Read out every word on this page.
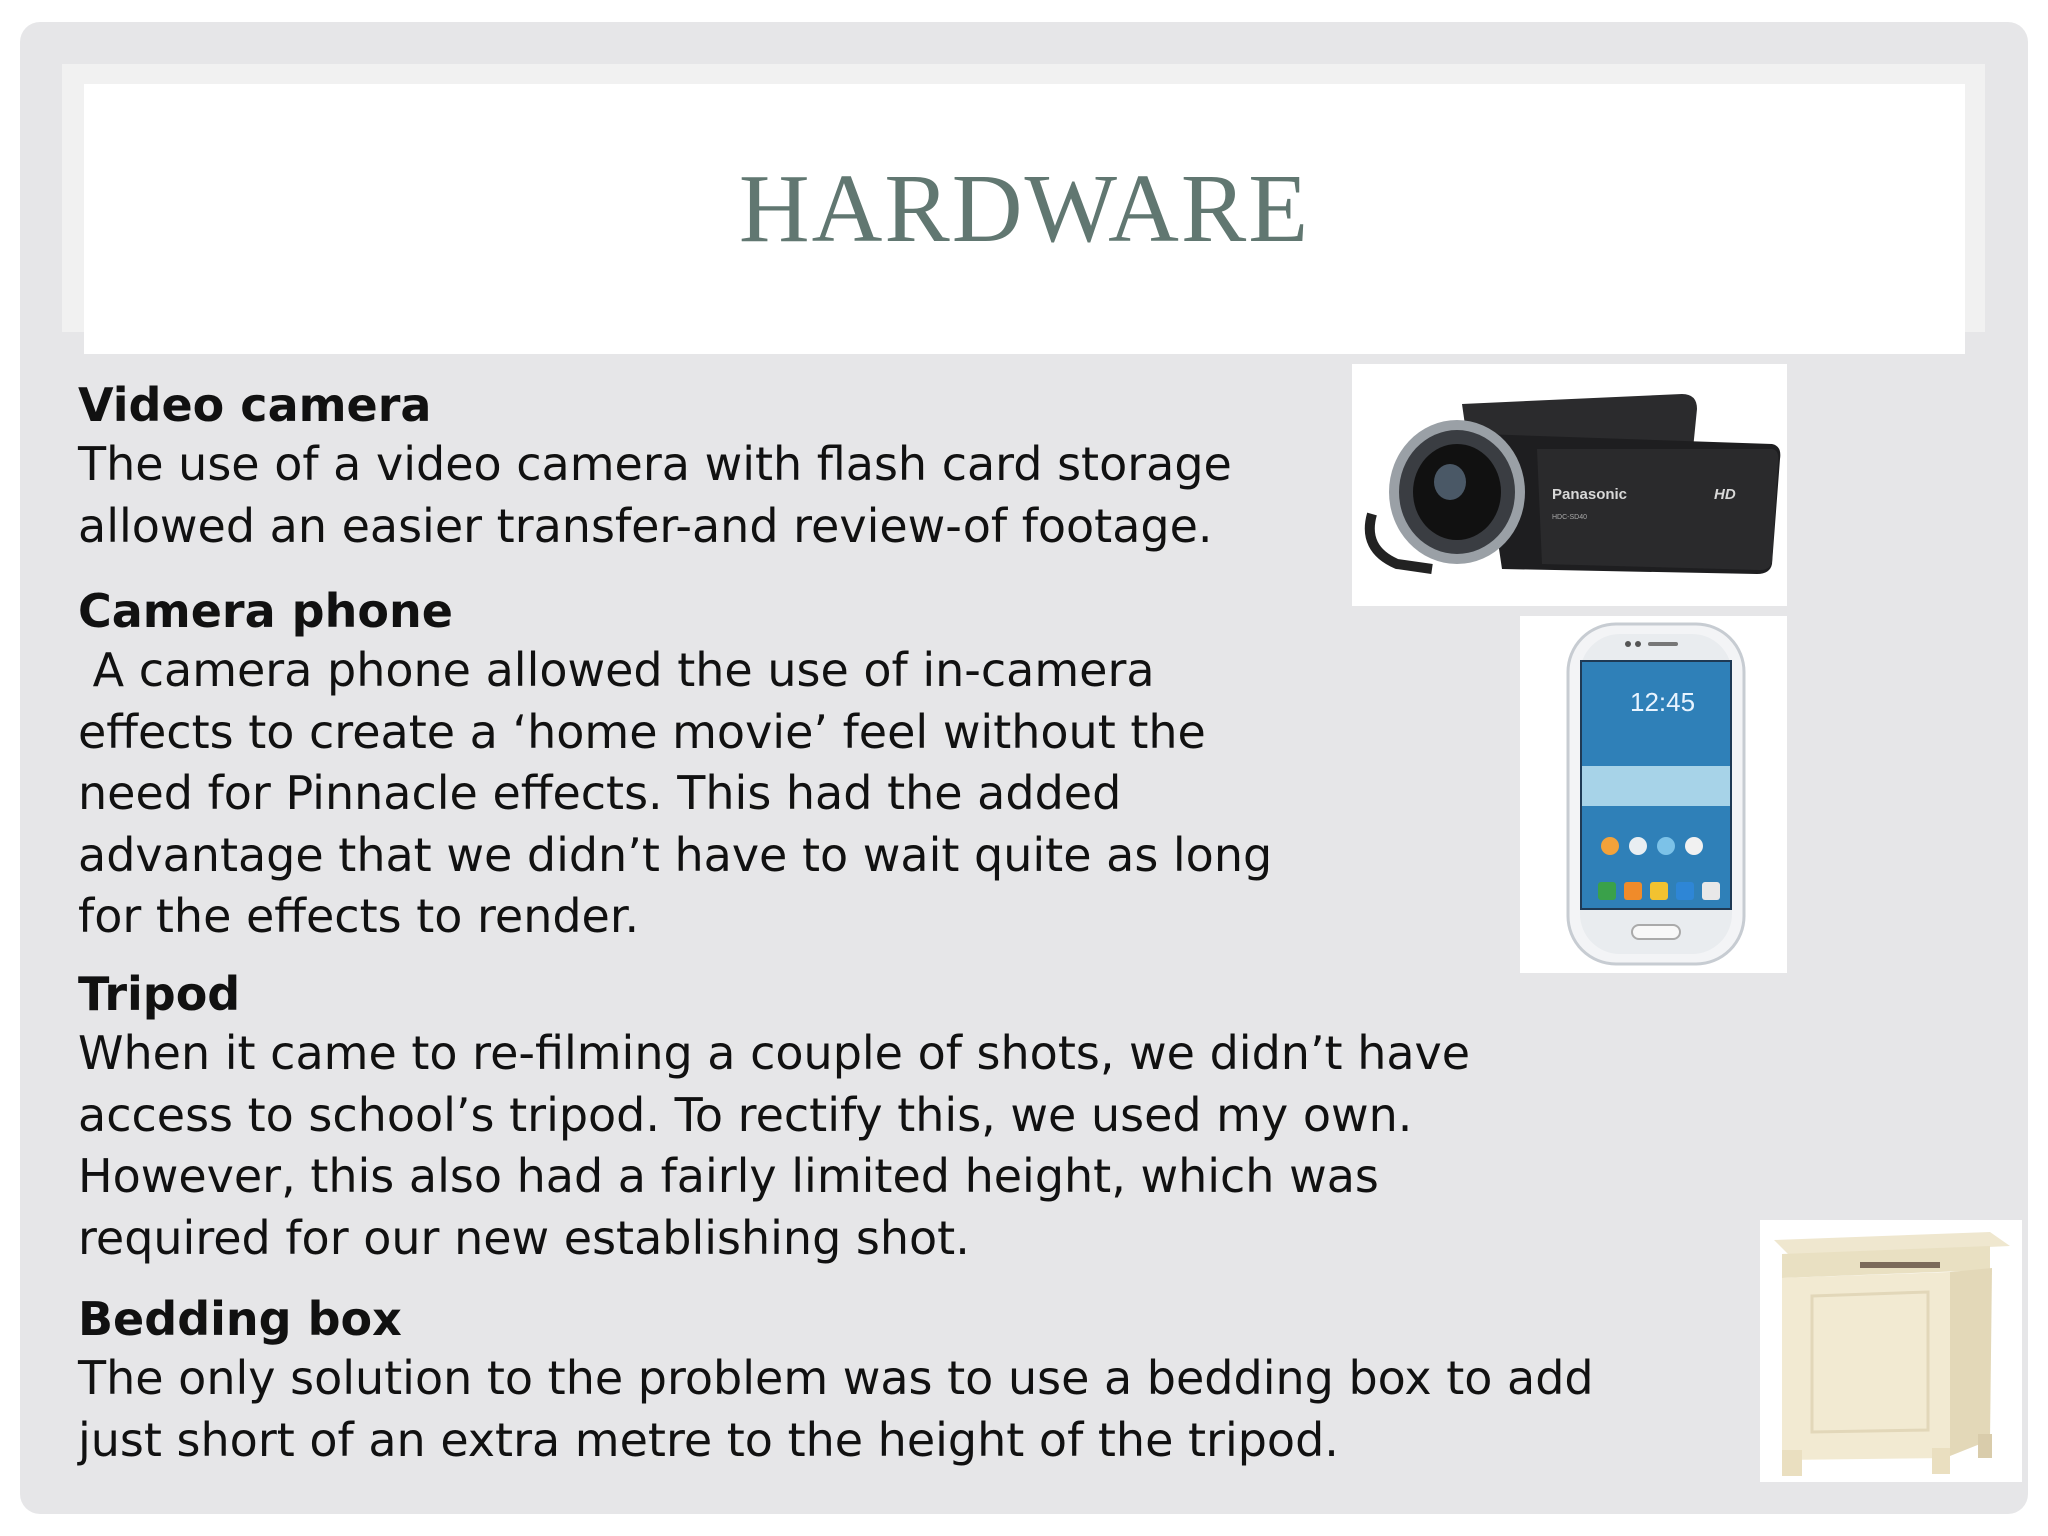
HARDWARE
Video camera
The use of a video camera with flash card storage
allowed an easier transfer-and review-of footage.
Camera phone
A camera phone allowed the use of in-camera
effects to create a ‘home movie’ feel without the
need for Pinnacle effects. This had the added
advantage that we didn’t have to wait quite as long
for the effects to render.
Tripod
When it came to re-filming a couple of shots, we didn’t have
access to school’s tripod. To rectify this, we used my own.
However, this also had a fairly limited height, which was
required for our new establishing shot.
Bedding box
The only solution to the problem was to use a bedding box to add
just short of an extra metre to the height of the tripod.
Panasonic	HD
HDC-SD40
12:45
